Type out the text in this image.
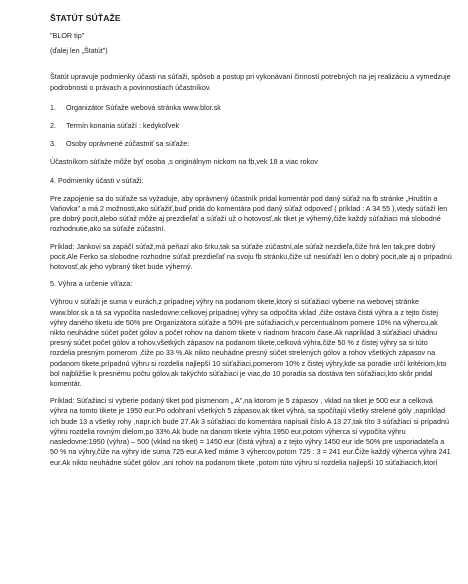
ŠTATÚT SÚŤAŽE
"BLOR tip"
(ďalej len „Štatút")
Štatút upravuje podmienky účasti na súťaži, spôsob a postup pri vykonávaní činností potrebných na jej realizáciu a vymedzuje podrobnosti o právach a povinnostiach účastníkov.
1. Organizátor Súťaže webová stránka www.blor.sk
2. Termín konania súťaží : kedykoľvek
3. Osoby oprávnené zúčastniť sa súťaže:
Účastníkom súťaže môže byť osoba ,s originálnym nickom na fb,vek 18 a viac rokov
4. Podmienky účasti v súťaži:
Pre zapojenie sa do súťaže sa vyžaduje, aby oprávnený účastník pridal komentár pod daný súťaž na fb stránke „Hruštín a Vaňovka" a má 2 možnosti,ako súťažiť,buď pridá do komentára pod daný súťaž odpoveď ( príklad : A 34 55 ),vtedy súťaží len pre dobrý pocit,alebo súťaž môže aj prezdieľať a súťaží už o hotovosť,ak tiket je výherný,čiže každý súťažiaci má slobodné rozhodnutie,ako sa súťaže zúčastní.
Príklad: Jankovi sa zapáčí súťaž,má peňazí ako šrku,tak sa súťaže zúčastní,ale súťaž nezdieľa,čiže hrá len tak,pre dobrý pocit.Ale Ferko sa slobodne rozhodne súťaž prezdieľať na svoju fb stránku,čiže už nesúťaží len o dobrý pocit,ale aj o prípadnú hotovosť,ak jeho vybraný tiket bude výherný.
5. Výhra a určenie víťaza:
Výhrou v súťaži je suma v eurách,z prípadnej výhry na podanom tikete,ktorý si súťažiaci vyberie na webovej stránke www.blor.sk a tá sa vypočíta nasledovne:celkovej prípadnej výhry sa odpočíta vklad ,čiže ostáva čistá výhra a z tejto čistej výhry daného tiketu ide 50% pre Organizátora súťaže a 50% pre súťažiacich,v percentuálnom pomere 10% na výhercu,ak nikto neuhádne súčet počet gólov a počet rohov na danom tikete v riadnom hracom čase.Ak napríklad 3 súťažiaci uhádnu presný súčet počet gólov a rohov,všetkých zápasov na podanom tikete,celková výhra,čiže 50 % z čistej výhry sa si túto rozdelia presným pomerom ,čiže po 33 %.Ak nikto neuhádne presný súčet strelených gólov a rohov všetkých zápasov na podanom tikete,prípadnú výhru si rozdelia najlepší 10 súťažiaci,pomerom 10% z čistej výhry,kde sa poradie určí kritériom,kto bol najbližšie k presnému počtu gólov,ak takýchto súťažiaci je viac,do 10 poradia sa dostáva ten súťažiaci,kto skôr pridal komentár.
Príklad: Súťažiaci si vyberie podaný tiket pod písmenom „ A",na ktorom je 5 zápasov , vklad na tiket je 500 eur a celková výhra na tomto tikete je 1950 eur.Po odohraní všetkých 5 zápasov,ak tiket výhrá, sa spočítajú všetky strelené góly ,napríklad ich bude 13 a všetky rohy ,napr.ich bude 27.Ak 3 súťažiaci do komentára napísali číslo A 13 27,tak títo 3 súťažiaci si prípadnú výhru rozdelia rovným dielom,po 33%.Ak bude na danom tikete výhra 1950 eur,potom výherca si vypočíta výhru nasledovne:1950 (výhra) – 500 (vklad na tiket) = 1450 eur (čistá výhra) a z tejto výhry 1450 eur ide 50% pre usporiadateľa a 50 % na výhry,čiže na výhry ide suma 725 eur.A keď máme 3 výhercov,potom 725 : 3 = 241 eur.Čiže každý výherca výhra 241 eur.Ak nikto neuhádne súčet gólov ,ani rohov na podanom tikete ,potom túto výhru si rozdelia najlepší 10 súťažiacich,ktorí
